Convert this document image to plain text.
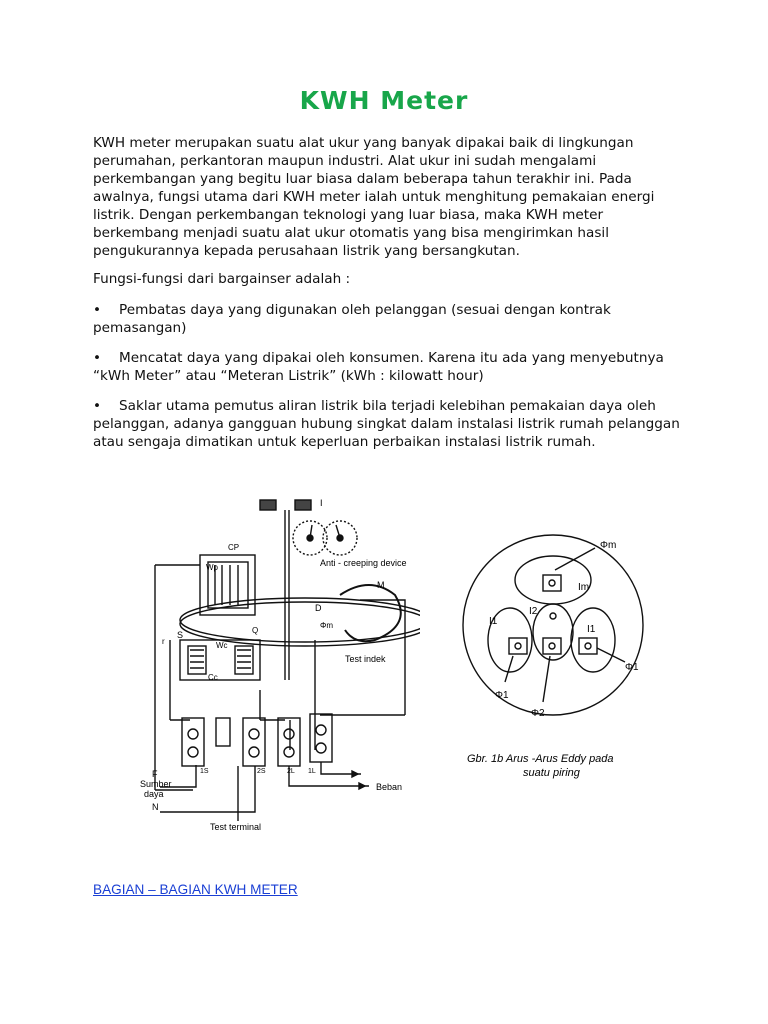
KWH Meter

KWH meter merupakan suatu alat ukur yang banyak dipakai baik di lingkungan perumahan, perkantoran maupun industri. Alat ukur ini sudah mengalami perkembangan yang begitu luar biasa dalam beberapa tahun terakhir ini. Pada awalnya, fungsi utama dari KWH meter ialah untuk menghitung pemakaian energi listrik. Dengan perkembangan teknologi yang luar biasa, maka KWH meter berkembang menjadi suatu alat ukur otomatis yang bisa mengirimkan hasil pengukurannya kepada perusahaan listrik yang bersangkutan.

Fungsi-fungsi dari bargainser adalah :

• Pembatas daya yang digunakan oleh pelanggan (sesuai dengan kontrak pemasangan)

• Mencatat daya yang dipakai oleh konsumen. Karena itu ada yang menyebutnya “kWh Meter” atau “Meteran Listrik” (kWh : kilowatt hour)

• Saklar utama pemutus aliran listrik bila terjadi kelebihan pemakaian daya oleh pelanggan, adanya gangguan hubung singkat dalam instalasi listrik rumah pelanggan atau sengaja dimatikan untuk keperluan perbaikan instalasi listrik rumah.

I
CP
Wp	Anti - creeping device
M
D
S	Q
r	Wc
Cc
Φm
Test indek
F
Sumber
daya
N
1S	2S	2L 1L
Beban
Test terminal
Φm
Im
I1
I2
I1
Φ1
Φ1
Φ2
Gbr. 1b Arus -Arus Eddy pada
suatu piring
BAGIAN – BAGIAN KWH METER
